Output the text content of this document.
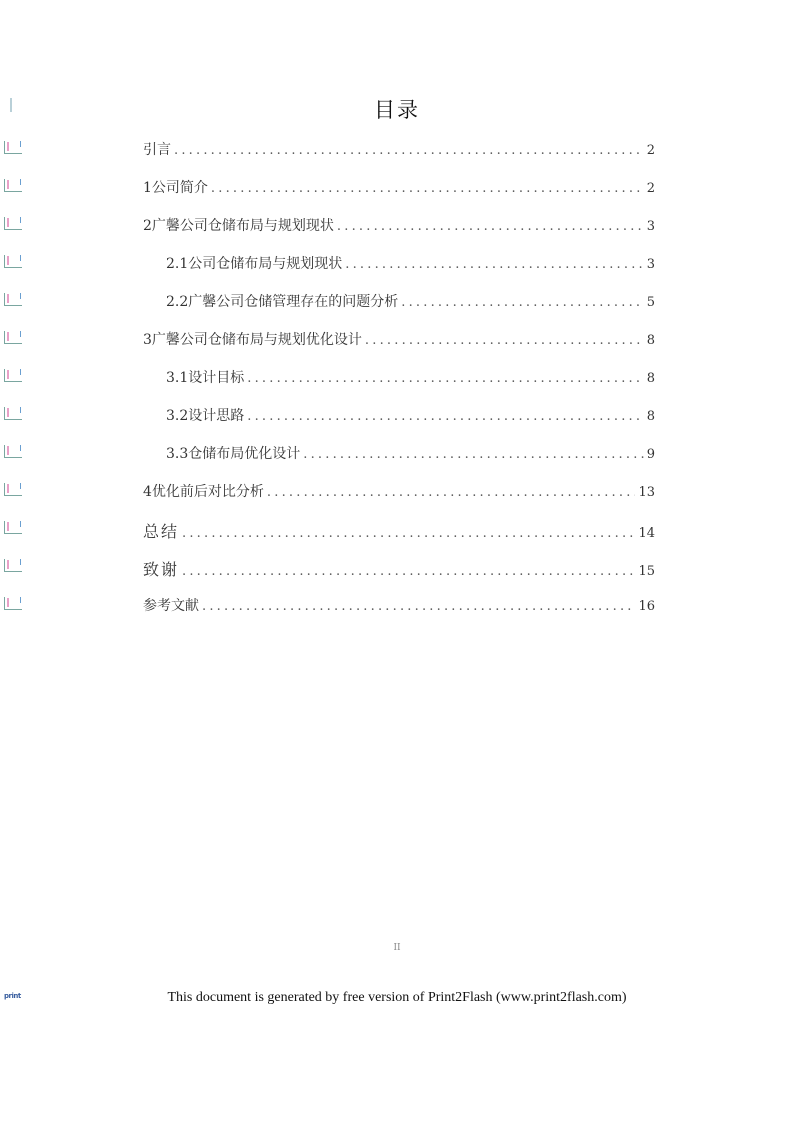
目录
引言 .....	2
1公司简介 .....	2
2广馨公司仓储布局与规划现状 .....	3
2.1公司仓储布局与规划现状 .....	3
2.2广馨公司仓储管理存在的问题分析 .....	5
3广馨公司仓储布局与规划优化设计 .....	8
3.1设计目标 .....	8
3.2设计思路 .....	8
3.3仓储布局优化设计 .....	9
4优化前后对比分析 .....	13
总结 .....	14
致谢 .....	15
参考文献 .....	16
II
print	This document is generated by free version of Print2Flash (www.print2flash.com)
